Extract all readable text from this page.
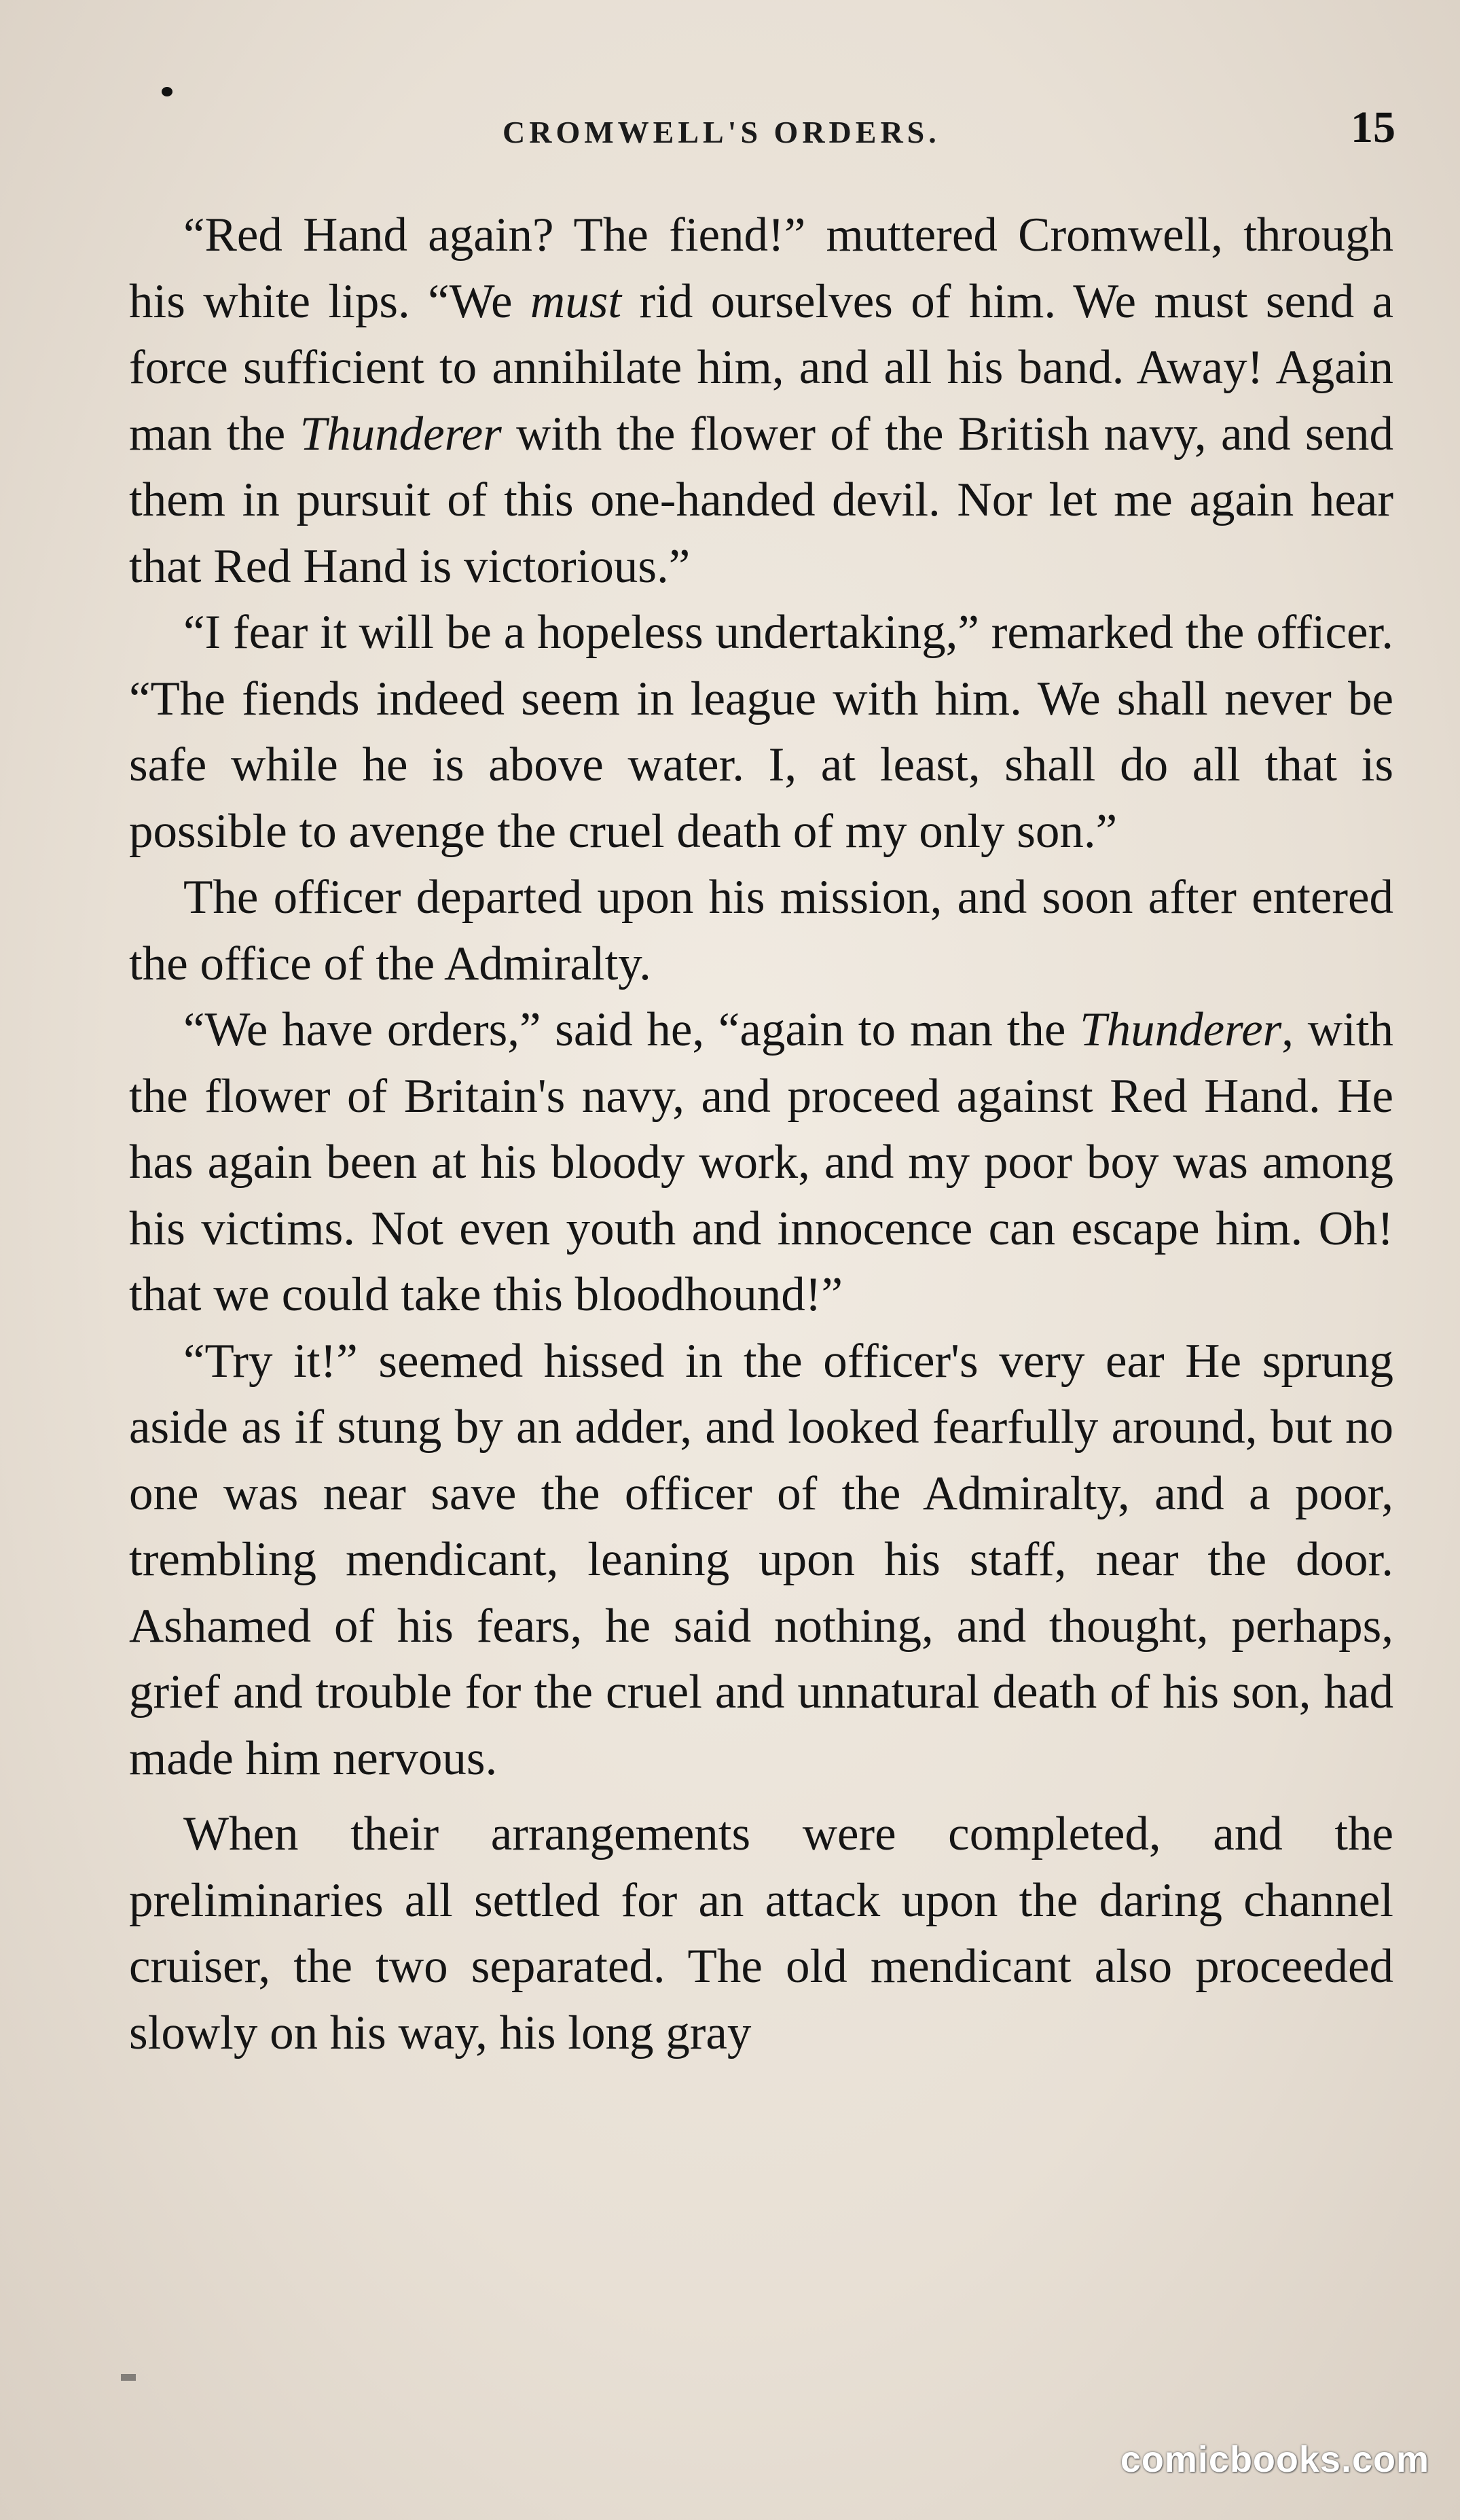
CROMWELL'S ORDERS.	15

“Red Hand again? The fiend!” muttered Cromwell, through his white lips. “We must rid ourselves of him. We must send a force sufficient to annihilate him, and all his band. Away! Again man the Thunderer with the flower of the British navy, and send them in pursuit of this one-handed devil. Nor let me again hear that Red Hand is victorious.”

“I fear it will be a hopeless undertaking,” remarked the officer. “The fiends indeed seem in league with him. We shall never be safe while he is above water. I, at least, shall do all that is possible to avenge the cruel death of my only son.”

The officer departed upon his mission, and soon after entered the office of the Admiralty.

“We have orders,” said he, “again to man the Thunderer, with the flower of Britain's navy, and proceed against Red Hand. He has again been at his bloody work, and my poor boy was among his victims. Not even youth and innocence can escape him. Oh! that we could take this bloodhound!”

“Try it!” seemed hissed in the officer's very ear He sprung aside as if stung by an adder, and looked fearfully around, but no one was near save the officer of the Admiralty, and a poor, trembling mendicant, leaning upon his staff, near the door. Ashamed of his fears, he said nothing, and thought, perhaps, grief and trouble for the cruel and unnatural death of his son, had made him nervous.

When their arrangements were completed, and the preliminaries all settled for an attack upon the daring channel cruiser, the two separated. The old mendicant also proceeded slowly on his way, his long gray

comicbooks.com
